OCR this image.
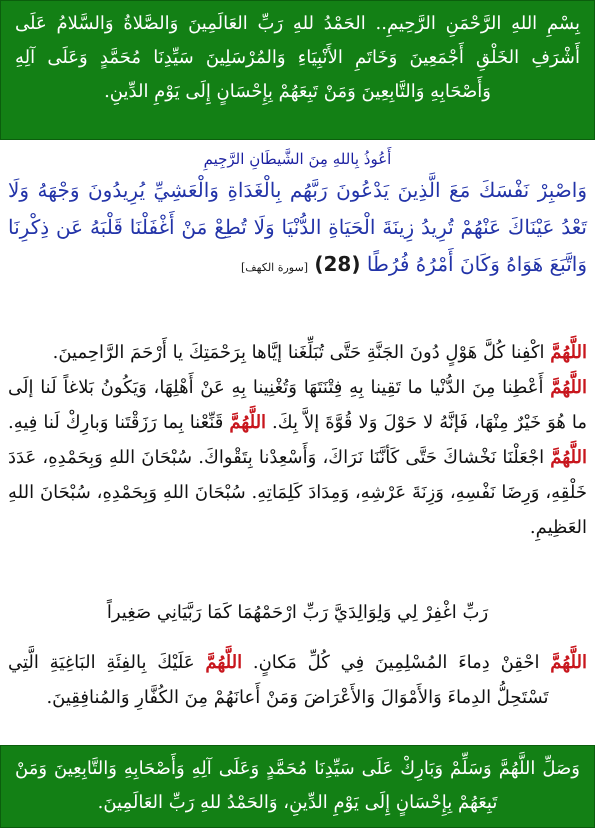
بِسْمِ اللهِ الرَّحْمَنِ الرَّحِيمِ.. الحَمْدُ للهِ رَبِّ العَالَمِينَ وَالصَّلاةُ وَالسَّلامُ عَلَى أَشْرَفِ الخَلْقِ أَجْمَعِينَ وَخَاتَمِ الأَنْبِيَاءِ وَالمُرْسَلِينَ سَيِّدِنَا مُحَمَّدٍ وَعَلَى آلِهِ وَأَصْحَابِهِ وَالتَّابِعِينَ وَمَنْ تَبِعَهُمْ بِإِحْسَانٍ إِلَى يَوْمِ الدِّينِ.
أَعُوذُ بِاللهِ مِنَ الشَّيطَانِ الرَّجِيمِ
وَاصْبِرْ نَفْسَكَ مَعَ الَّذِينَ يَدْعُونَ رَبَّهُم بِالْغَدَاةِ وَالْعَشِيِّ يُرِيدُونَ وَجْهَهُ وَلَا تَعْدُ عَيْنَاكَ عَنْهُمْ تُرِيدُ زِينَةَ الْحَيَاةِ الدُّنْيَا وَلَا تُطِعْ مَنْ أَغْفَلْنَا قَلْبَهُ عَن ذِكْرِنَا وَاتَّبَعَ هَوَاهُ وَكَانَ أَمْرُهُ فُرُطًا (28) [سورة الكهف]
اللَّهُمَّ اكْفِنا كُلَّ هَوْلٍ دُونَ الجَنَّةِ حَتَّى تُبَلِّغَنا إيَّاها بِرَحْمَتِكَ يا أَرْحَمَ الرَّاحِمينَ.
اللَّهُمَّ أَعْطِنا مِنَ الدُّنْيا ما تَقِينا بِهِ فِتْنَتَهَا وَتُغْنِينا بِهِ عَنْ أَهْلِهَا، وَيَكُونُ بَلاغاً لَنا إلَى ما هُوَ خَيْرٌ مِنْهَا، فَإنَّهُ لا حَوْلَ وَلا قُوَّةَ إلاَّ بِكَ. اللَّهُمَّ قَنِّعْنا بِما رَزَقْتَنا وَبارِكْ لَنا فِيهِ. اللَّهُمَّ اجْعَلْنَا نَخْشاكَ حَتَّى كَأنَّنَا نَرَاكَ، وَأَسْعِدْنا بِتَقْواكَ. سُبْحَانَ اللهِ وَبِحَمْدِهِ، عَدَدَ خَلْقِهِ، وَرِضَا نَفْسِهِ، وَزِنَةَ عَرْشِهِ، وَمِدَادَ كَلِمَاتِهِ. سُبْحَانَ اللهِ وَبِحَمْدِهِ، سُبْحَانَ اللهِ العَظِيمِ.
رَبِّ اغْفِرْ لِي وَلِوَالِدَيَّ رَبِّ ارْحَمْهُمَا كَمَا رَبَّيَانِي صَغِيراً
اللَّهُمَّ احْقِنْ دِماءَ المُسْلِمِينَ فِي كُلِّ مَكانٍ. اللَّهُمَّ عَلَيْكَ بِالفِئَةِ البَاغِيَةِ الَّتِي تَسْتَحِلُّ الدِماءَ وَالأَمْوَالَ وَالأَعْرَاضَ وَمَنْ أَعانَهُمْ مِنَ الكُفَّارِ وَالمُنافِقِينَ.
وَصَلِّ اللَّهُمَّ وَسَلِّمْ وَبَارِكْ عَلَى سَيِّدِنَا مُحَمَّدٍ وَعَلَى آلِهِ وَأَصْحَابِهِ وَالتَّابِعِينَ وَمَنْ تَبِعَهُمْ بِإِحْسَانٍ إِلَى يَوْمِ الدِّينِ، وَالحَمْدُ للهِ رَبِّ العَالَمِينَ.
